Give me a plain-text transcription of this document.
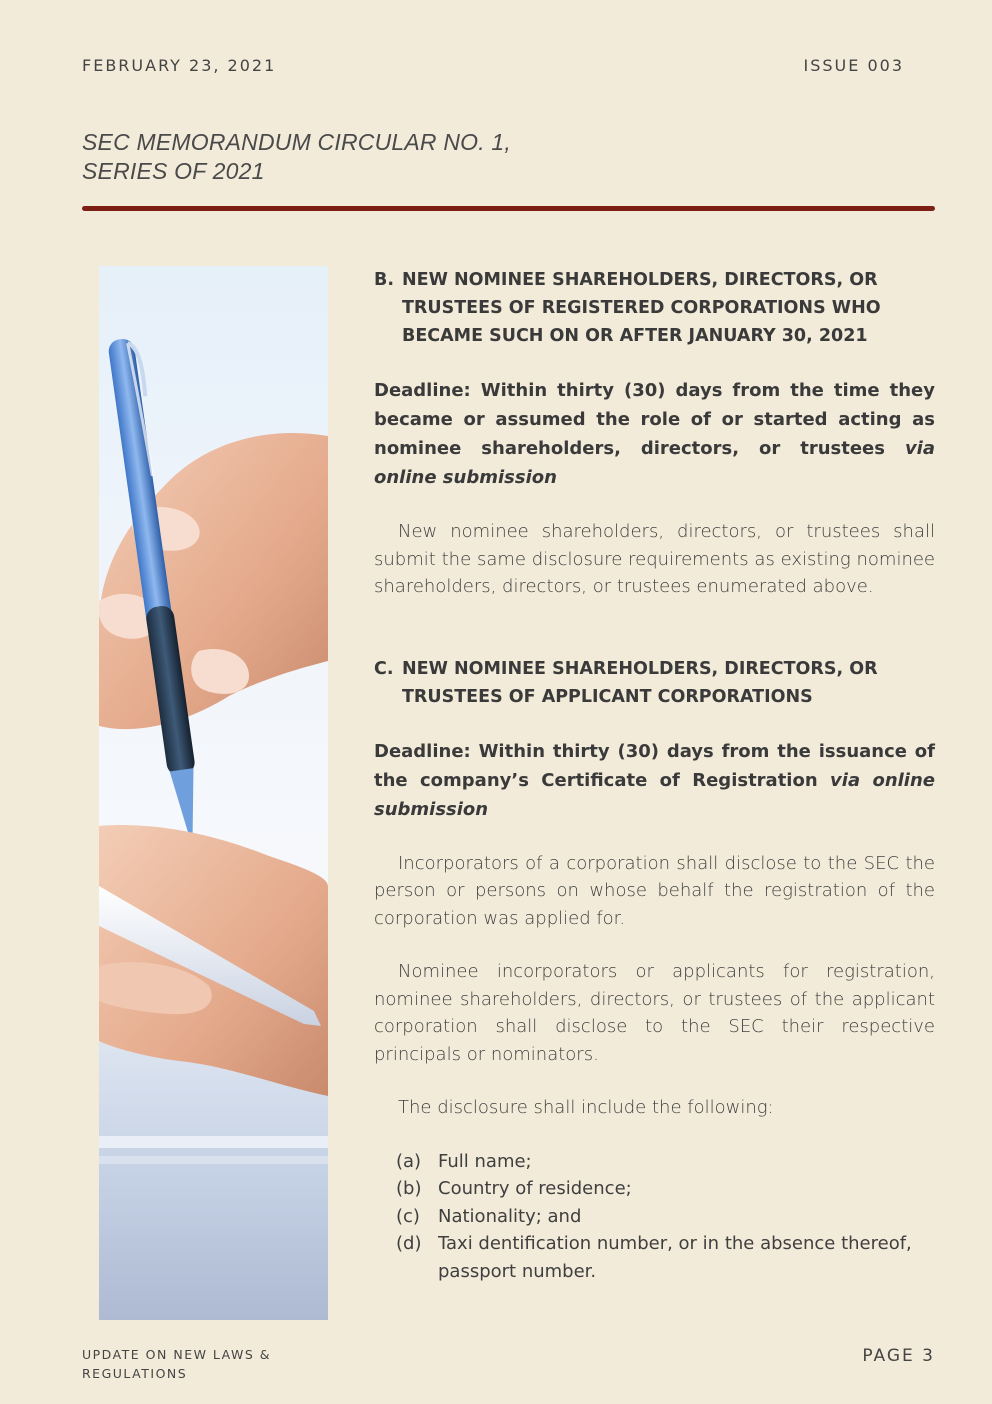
FEBRUARY 23, 2021	ISSUE 003
SEC MEMORANDUM CIRCULAR NO. 1,
SERIES OF 2021
B. NEW NOMINEE SHAREHOLDERS, DIRECTORS, OR TRUSTEES OF REGISTERED CORPORATIONS WHO BECAME SUCH ON OR AFTER JANUARY 30, 2021

Deadline: Within thirty (30) days from the time they became or assumed the role of or started acting as nominee shareholders, directors, or trustees via online submission

New nominee shareholders, directors, or trustees shall submit the same disclosure requirements as existing nominee shareholders, directors, or trustees enumerated above.

C. NEW NOMINEE SHAREHOLDERS, DIRECTORS, OR TRUSTEES OF APPLICANT CORPORATIONS

Deadline: Within thirty (30) days from the issuance of the company’s Certificate of Registration via online submission

Incorporators of a corporation shall disclose to the SEC the person or persons on whose behalf the registration of the corporation was applied for.

Nominee incorporators or applicants for registration, nominee shareholders, directors, or trustees of the applicant corporation shall disclose to the SEC their respective principals or nominators.

The disclosure shall include the following:

(a) Full name;
(b) Country of residence;
(c)	Nationality; and
(d) Taxi dentification number, or in the absence thereof, passport number.
UPDATE ON NEW LAWS & REGULATIONS
PAGE 3
